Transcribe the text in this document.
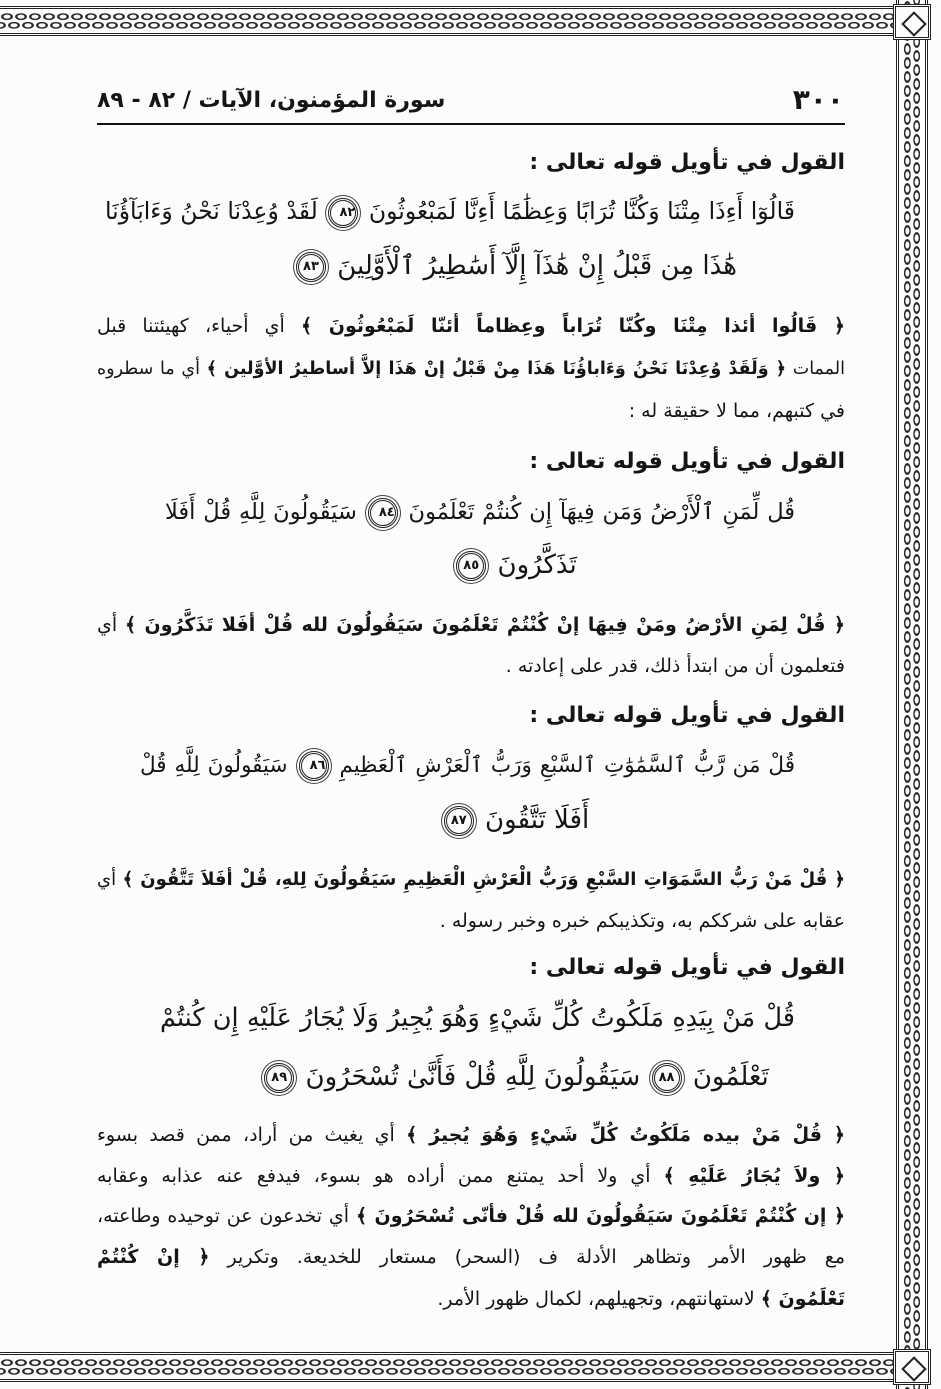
٣٠٠
سورة المؤمنون، الآيات / ٨٢ - ٨٩
القول في تأويل قوله تعالى :
قَالُوٓا أَءِذَا مِتْنَا وَكُنَّا تُرَابًا وَعِظَٰمًا أَءِنَّا لَمَبْعُوثُونَ ٨٢ لَقَدْ وُعِدْنَا نَحْنُ وَءَابَآؤُنَا
هَٰذَا مِن قَبْلُ إِنْ هَٰذَآ إِلَّآ أَسَٰطِيرُ ٱلْأَوَّلِينَ ٨٣
﴿ قَالُوا أئذا مِتْنَا وكُنّا تُرَاباً وعِظاماً أئنّا لَمَبْعُوثُونَ ﴾ أي أحياء، كهيئتنا قبل
الممات ﴿ وَلَقَدْ وُعِدْنَا نَحْنُ وَءَاباؤُنَا هَذَا مِنْ قَبْلُ إنْ هَذَا إلاَّ أساطيرُ الأوَّلين ﴾ أي ما سطروه
في كتبهم، مما لا حقيقة له :
القول في تأويل قوله تعالى :
قُل لِّمَنِ ٱلْأَرْضُ وَمَن فِيهَآ إِن كُنتُمْ تَعْلَمُونَ ٨٤ سَيَقُولُونَ لِلَّهِ قُلْ أَفَلَا
تَذَكَّرُونَ ٨٥
﴿ قُلْ لِمَنِ الأرْضُ ومَنْ فِيهَا إنْ كُنْتُمْ تَعْلَمُونَ سَيَقُولُونَ لله قُلْ أفَلا تَذَكَّرُونَ ﴾ أي
فتعلمون أن من ابتدأ ذلك، قدر على إعادته .
القول في تأويل قوله تعالى :
قُلْ مَن رَّبُّ ٱلسَّمَٰوَٰتِ ٱلسَّبْعِ وَرَبُّ ٱلْعَرْشِ ٱلْعَظِيمِ ٨٦ سَيَقُولُونَ لِلَّهِ قُلْ
أَفَلَا تَتَّقُونَ ٨٧
﴿ قُلْ مَنْ رَبُّ السَّمَوَاتِ السَّبْعِ وَرَبُّ الْعَرْشِ الْعَظِيمِ سَيَقُولُونَ لِلهِ، قُلْ أفَلاَ تَتَّقُونَ ﴾ أي
عقابه على شرككم به، وتكذيبكم خبره وخبر رسوله .
القول في تأويل قوله تعالى :
قُلْ مَنْ بِيَدِهِ مَلَكُوتُ كُلِّ شَيْءٍ وَهُوَ يُجِيرُ وَلَا يُجَارُ عَلَيْهِ إِن كُنتُمْ
تَعْلَمُونَ ٨٨ سَيَقُولُونَ لِلَّهِ قُلْ فَأَنَّىٰ تُسْحَرُونَ ٨٩
﴿ قُلْ مَنْ بيده مَلَكُوتُ كُلِّ شَيْءٍ وَهُوَ يُجيرُ ﴾ أي يغيث من أراد، ممن قصد بسوء
﴿ ولاَ يُجَارُ عَلَيْهِ ﴾ أي ولا أحد يمتنع ممن أراده هو بسوء، فيدفع عنه عذابه وعقابه
﴿ إن كُنْتُمْ تَعْلَمُونَ سَيَقُولُونَ لله قُلْ فأنّى تُسْحَرُونَ ﴾ أي تخدعون عن توحيده وطاعته،
مع ظهور الأمر وتظاهر الأدلة ف (السحر) مستعار للخديعة. وتكرير ﴿ إنْ كُنْتُمْ
تَعْلَمُونَ ﴾ لاستهانتهم، وتجهيلهم، لكمال ظهور الأمر.
